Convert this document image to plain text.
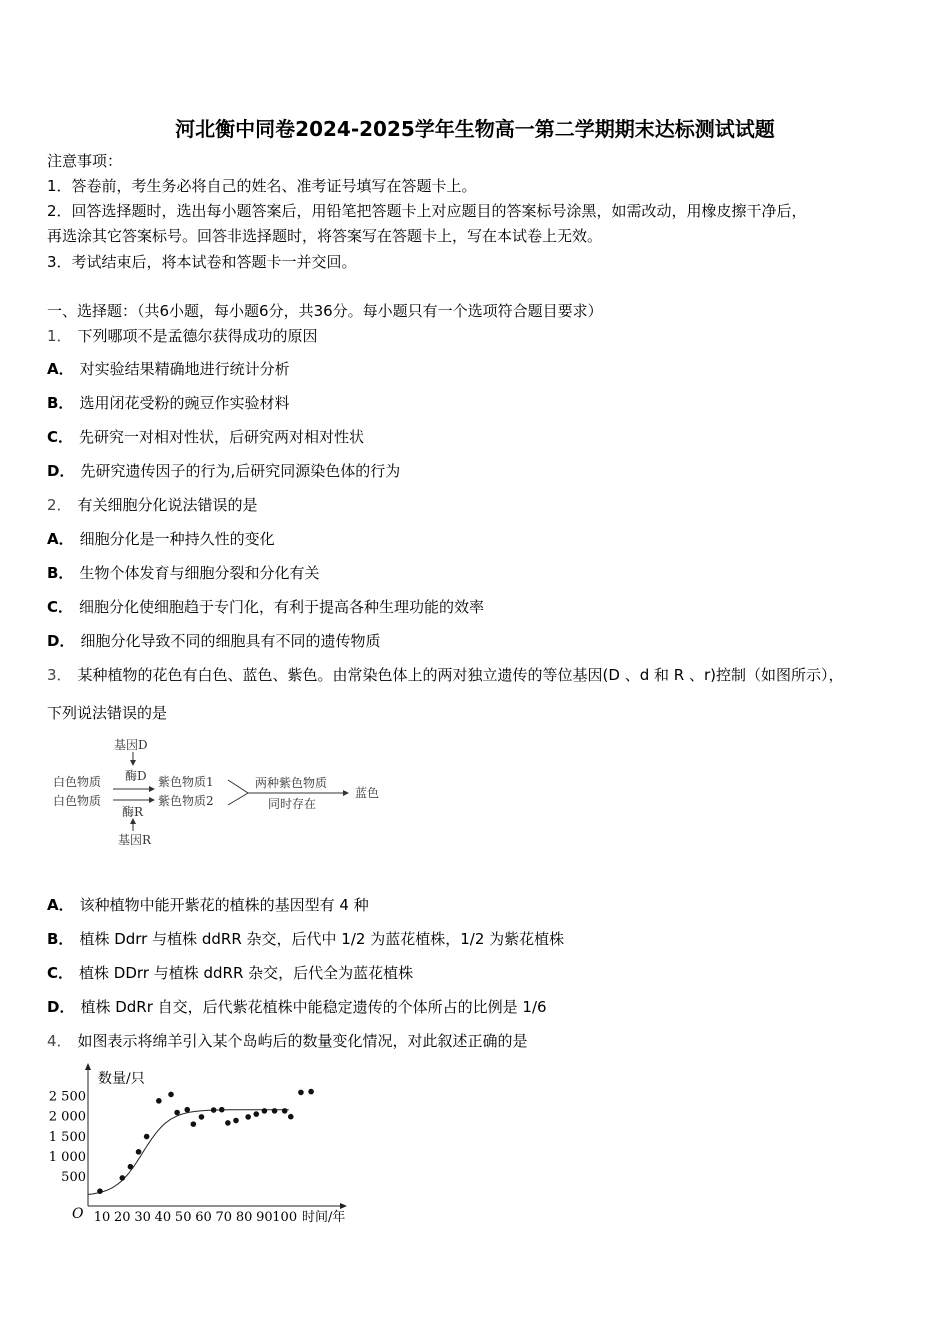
河北衡中同卷2024-2025学年生物高一第二学期期末达标测试试题
注意事项：
1．答卷前，考生务必将自己的姓名、准考证号填写在答题卡上。
2．回答选择题时，选出每小题答案后，用铅笔把答题卡上对应题目的答案标号涂黑，如需改动，用橡皮擦干净后，
再选涂其它答案标号。回答非选择题时，将答案写在答题卡上，写在本试卷上无效。
3．考试结束后，将本试卷和答题卡一并交回。
一、选择题：（共6小题，每小题6分，共36分。每小题只有一个选项符合题目要求）
1． 下列哪项不是孟德尔获得成功的原因
A． 对实验结果精确地进行统计分析
B． 选用闭花受粉的豌豆作实验材料
C． 先研究一对相对性状，后研究两对相对性状
D． 先研究遗传因子的行为,后研究同源染色体的行为
2． 有关细胞分化说法错误的是
A． 细胞分化是一种持久性的变化
B． 生物个体发育与细胞分裂和分化有关
C． 细胞分化使细胞趋于专门化，有利于提高各种生理功能的效率
D． 细胞分化导致不同的细胞具有不同的遗传物质
3． 某种植物的花色有白色、蓝色、紫色。由常染色体上的两对独立遗传的等位基因(D 、d 和 R 、r)控制（如图所示），
下列说法错误的是
基因D
酶D
白色物质
白色物质
紫色物质1
紫色物质2
两种紫色物质
同时存在
蓝色
酶R
基因R
A． 该种植物中能开紫花的植株的基因型有 4 种
B． 植株 Ddrr 与植株 ddRR 杂交，后代中 1/2 为蓝花植株，1/2 为紫花植株
C． 植株 DDrr 与植株 ddRR 杂交，后代全为蓝花植株
D． 植株 DdRr 自交，后代紫花植株中能稳定遗传的个体所占的比例是 1/6
4． 如图表示将绵羊引入某个岛屿后的数量变化情况，对此叙述正确的是
数量/只
时间/年
O 10 20 30 40 50 60 70 80 90 100
500
1 000
1 500
2 000
2 500
